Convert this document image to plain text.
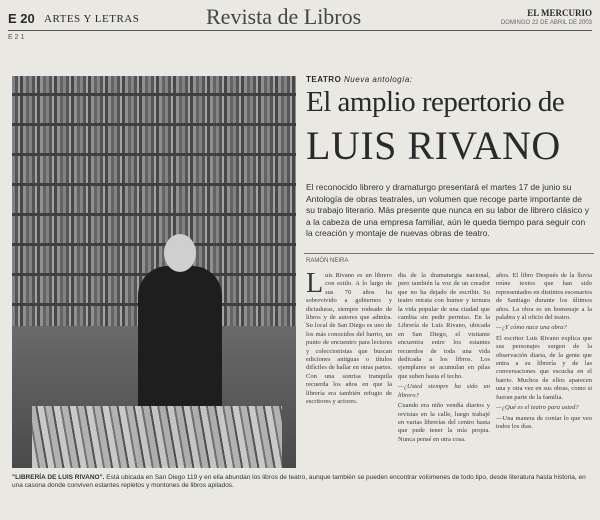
E 20 ARTES Y LETRAS	Revista de Libros	EL MERCURIO
DOMINGO 22 DE ABRIL DE 2003
E 2 1
"LIBRERÍA DE LUIS RIVANO". Está ubicada en San Diego 119 y en ella abundan los libros de teatro, aunque también se pueden encontrar volúmenes de todo tipo, desde literatura hasta historia, en una casona donde conviven estantes repletos y montones de libros apilados.
TEATRO Nueva antología:
El amplio repertorio de
LUIS RIVANO
El reconocido librero y dramaturgo presentará el martes 17 de junio su Antología de obras teatrales, un volumen que recoge parte importante de su trabajo literario. Más presente que nunca en su labor de librero clásico y a la cabeza de una empresa familiar, aún le queda tiempo para seguir con la creación y montaje de nuevas obras de teatro.
RAMÓN NEIRA
L uis Rivano es un librero con estilo. A lo largo de sus 70 años ha sobrevivido a gobiernos y dictaduras, siempre rodeado de libros y de autores que admira. Su local de San Diego es uno de los más conocidos del barrio, un punto de encuentro para lectores y coleccionistas que buscan ediciones antiguas o títulos difíciles de hallar en otras partes. Con una sonrisa tranquila recuerda los años en que la librería era también refugio de escritores y actores.

dia de la dramaturgia nacional, pero también la voz de un creador que no ha dejado de escribir. Su teatro retrata con humor y ternura la vida popular de una ciudad que cambia sin pedir permiso. En la Librería de Luis Rivano, ubicada en San Diego, el visitante encuentra entre los estantes recuerdos de toda una vida dedicada a los libros. Los ejemplares se acumulan en pilas que suben hasta el techo.

—¿Usted siempre ha sido un librero?

Cuando era niño vendía diarios y revistas en la calle, luego trabajé en varias librerías del centro hasta que pude tener la mía propia. Nunca pensé en otra cosa.

años. El libro Después de la lluvia reúne textos que han sido representados en distintos escenarios de Santiago durante los últimos años. La obra es un homenaje a la palabra y al oficio del teatro.

—¿Y cómo nace una obra?

El escritor Luis Rivano explica que sus personajes surgen de la observación diaria, de la gente que entra a su librería y de las conversaciones que escucha en el barrio. Muchos de ellos aparecen una y otra vez en sus obras, como si fueran parte de la familia.

—¿Qué es el teatro para usted?

—Una manera de contar lo que veo todos los días.
